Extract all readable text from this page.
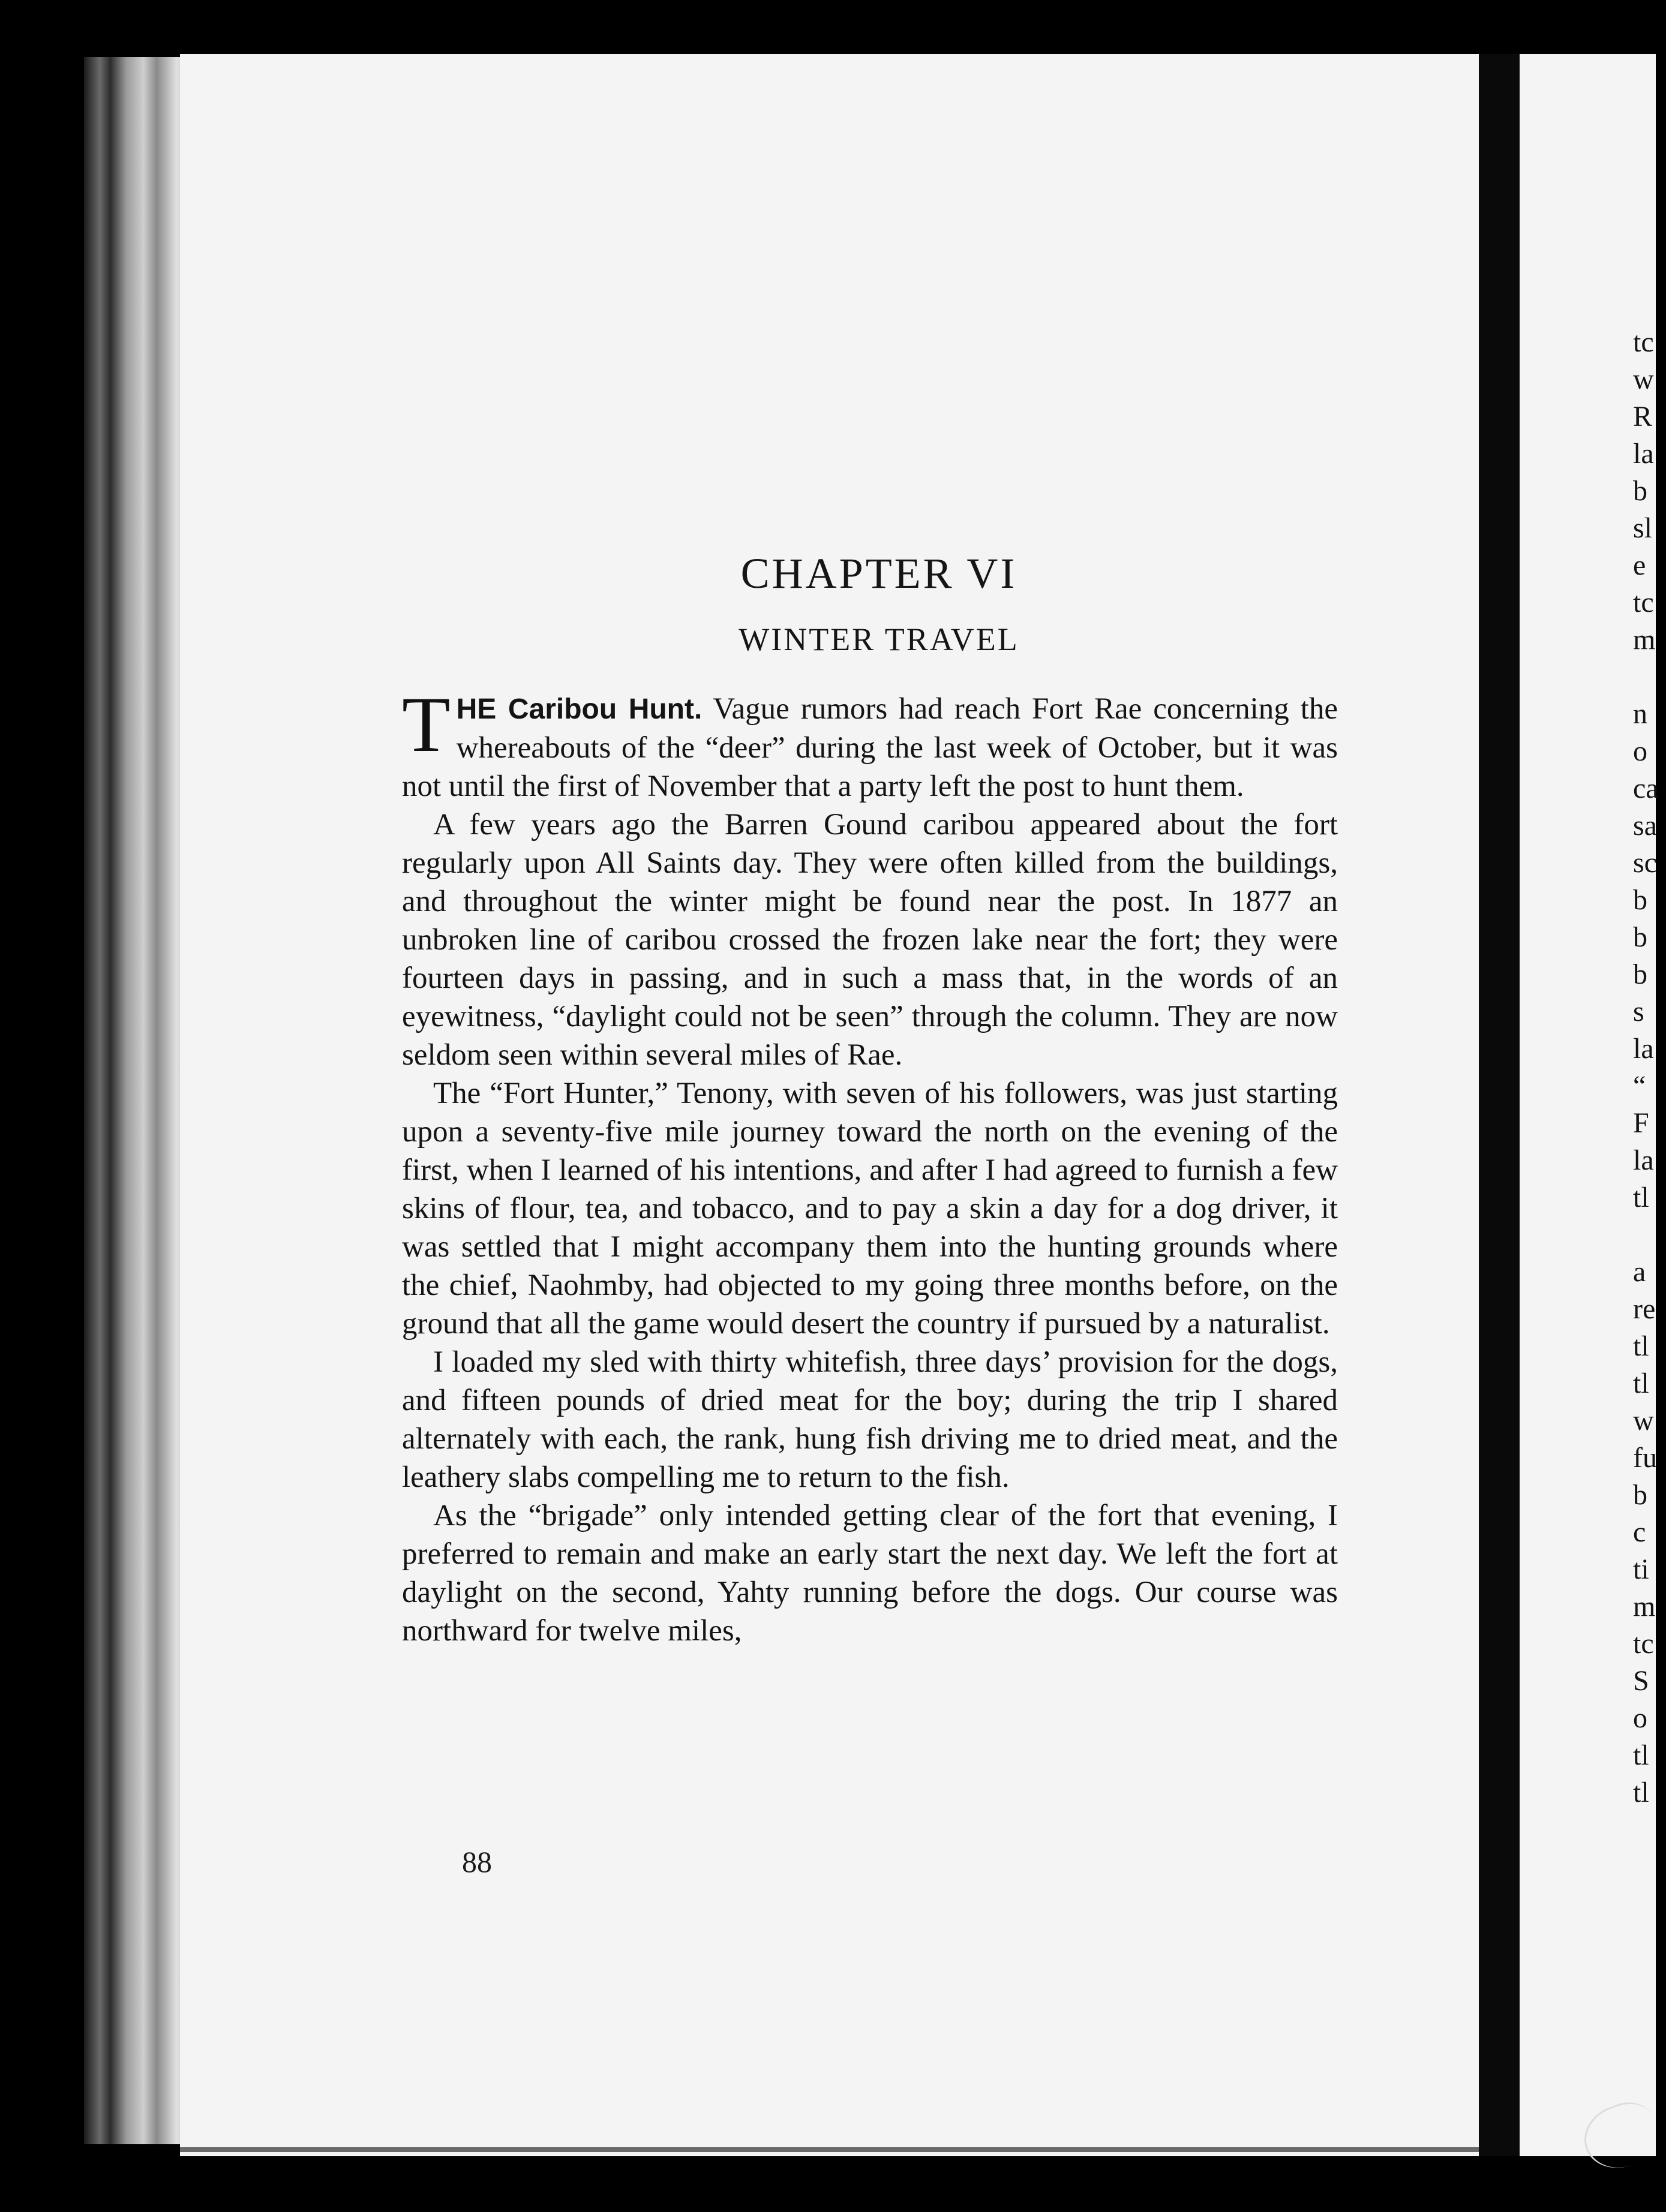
CHAPTER VI
WINTER TRAVEL

THE Caribou Hunt. Vague rumors had reach Fort Rae concerning the whereabouts of the “deer” during the last week of October, but it was not until the first of November that a party left the post to hunt them.

A few years ago the Barren Gound caribou appeared about the fort regularly upon All Saints day. They were often killed from the buildings, and throughout the winter might be found near the post. In 1877 an unbroken line of caribou crossed the frozen lake near the fort; they were fourteen days in passing, and in such a mass that, in the words of an eyewitness, “daylight could not be seen” through the column. They are now seldom seen within several miles of Rae.

The “Fort Hunter,” Tenony, with seven of his followers, was just starting upon a seventy-five mile journey toward the north on the evening of the first, when I learned of his intentions, and after I had agreed to furnish a few skins of flour, tea, and tobacco, and to pay a skin a day for a dog driver, it was settled that I might accompany them into the hunting grounds where the chief, Naohmby, had objected to my going three months before, on the ground that all the game would desert the country if pursued by a naturalist.

I loaded my sled with thirty whitefish, three days’ provision for the dogs, and fifteen pounds of dried meat for the boy; during the trip I shared alternately with each, the rank, hung fish driving me to dried meat, and the leathery slabs compelling me to return to the fish.

As the “brigade” only intended getting clear of the fort that evening, I preferred to remain and make an early start the next day. We left the fort at daylight on the second, Yahty running before the dogs. Our course was northward for twelve miles,

88
tc
w
R
la
b
sl
e
tc
m
n
o
ca
sa
sc
b
b
b
s
la
“
F
la
tl
a
re
tl
tl
w
fu
b
c
ti
m
tc
S
o
tl
tl
